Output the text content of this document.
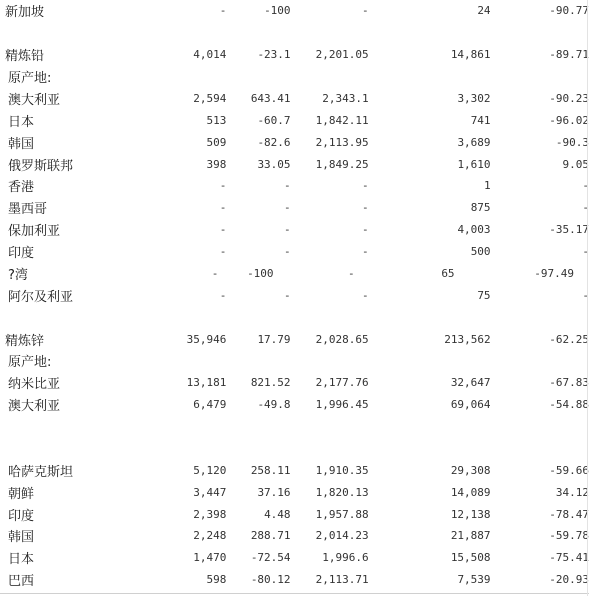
新加坡	-	-100	-	24	-90.77

精炼铅	4,014	-23.1	2,201.05	14,861	-89.71
原产地:					
澳大利亚	2,594	643.41	2,343.1	3,302	-90.23
日本	513	-60.7	1,842.11	741	-96.02
韩国	509	-82.6	2,113.95	3,689	-90.3
俄罗斯联邦	398	33.05	1,849.25	1,610	9.05
香港	-	-	-	1	-
墨西哥	-	-	-	875	-
保加利亚	-	-	-	4,003	-35.17
印度	-	-	-	500	-
?湾	-	-100	-	65	-97.49
阿尔及利亚	-	-	-	75	-

精炼锌	35,946	17.79	2,028.65	213,562	-62.25
原产地:					
纳米比亚	13,181	821.52	2,177.76	32,647	-67.83
澳大利亚	6,479	-49.8	1,996.45	69,064	-54.88

哈萨克斯坦	5,120	258.11	1,910.35	29,308	-59.66
朝鲜	3,447	37.16	1,820.13	14,089	34.12
印度	2,398	4.48	1,957.88	12,138	-78.47
韩国	2,248	288.71	2,014.23	21,887	-59.78
日本	1,470	-72.54	1,996.6	15,508	-75.41
巴西	598	-80.12	2,113.71	7,539	-20.93
